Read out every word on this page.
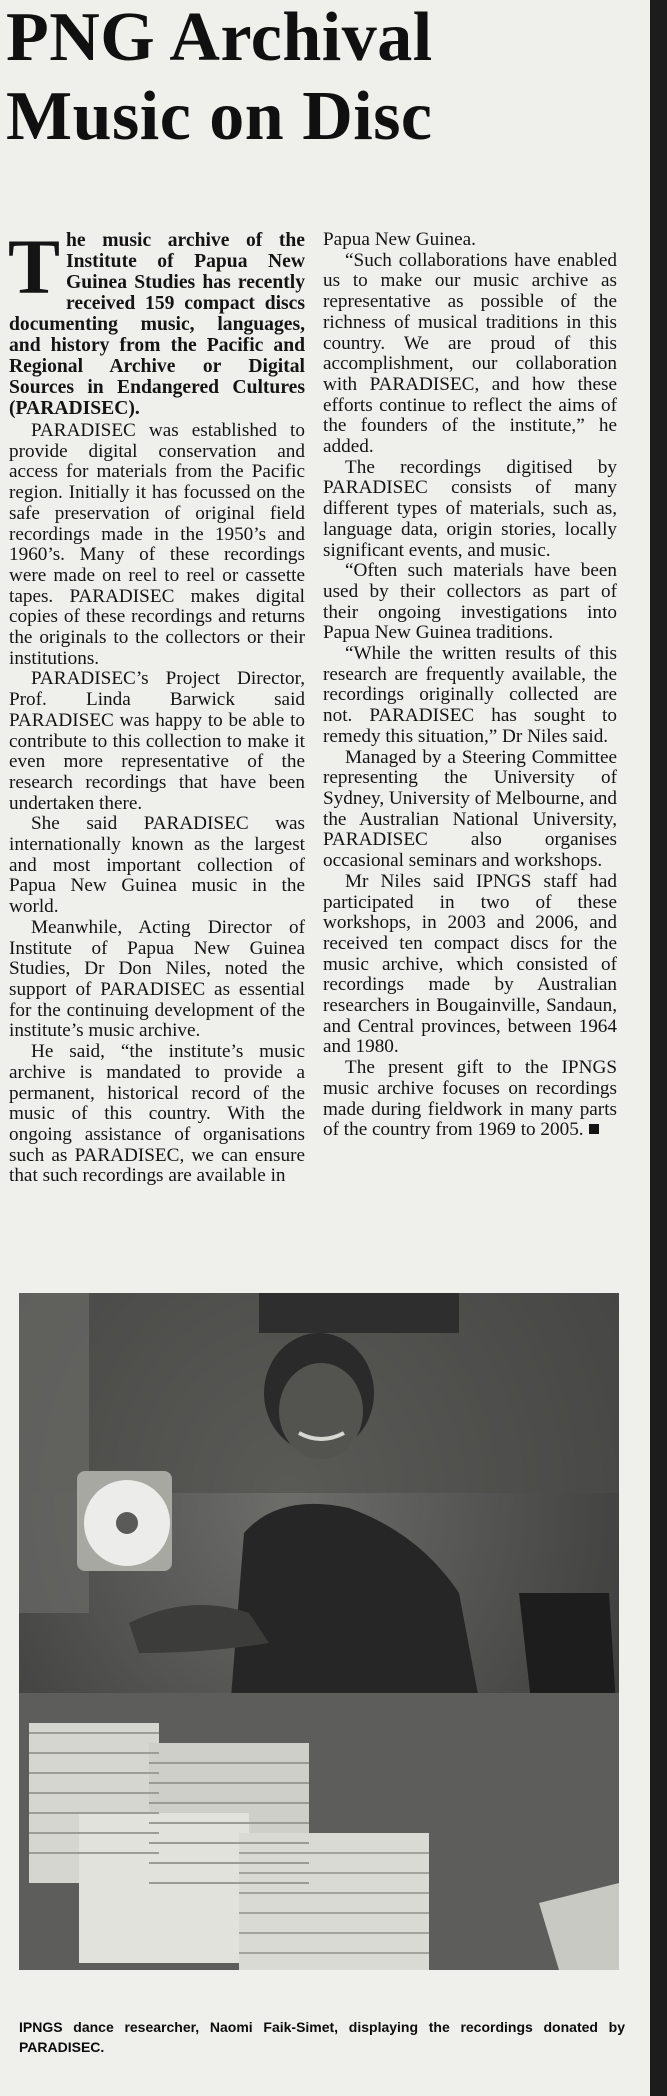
PNG Archival
Music on Disc

The music archive of the Institute of Papua New Guinea Studies has recently received 159 compact discs documenting music, languages, and history from the Pacific and Regional Archive or Digital Sources in Endangered Cultures (PARADISEC).

PARADISEC was established to provide digital conservation and access for materials from the Pacific region. Initially it has focussed on the safe preservation of original field recordings made in the 1950’s and 1960’s. Many of these recordings were made on reel to reel or cassette tapes. PARADISEC makes digital copies of these recordings and returns the originals to the collectors or their institutions.

PARADISEC’s Project Director, Prof. Linda Barwick said PARADISEC was happy to be able to contribute to this collection to make it even more representative of the research recordings that have been undertaken there.

She said PARADISEC was internationally known as the largest and most important collection of Papua New Guinea music in the world.

Meanwhile, Acting Director of Institute of Papua New Guinea Studies, Dr Don Niles, noted the support of PARADISEC as essential for the continuing development of the institute’s music archive.

He said, “the institute’s music archive is mandated to provide a permanent, historical record of the music of this country. With the ongoing assistance of organisations such as PARADISEC, we can ensure that such recordings are available in

Papua New Guinea.

“Such collaborations have enabled us to make our music archive as representative as possible of the richness of musical traditions in this country. We are proud of this accomplishment, our collaboration with PARADISEC, and how these efforts continue to reflect the aims of the founders of the institute,” he added.

The recordings digitised by PARADISEC consists of many different types of materials, such as, language data, origin stories, locally significant events, and music.

“Often such materials have been used by their collectors as part of their ongoing investigations into Papua New Guinea traditions.

“While the written results of this research are frequently available, the recordings originally collected are not. PARADISEC has sought to remedy this situation,” Dr Niles said.

Managed by a Steering Committee representing the University of Sydney, University of Melbourne, and the Australian National University, PARADISEC also organises occasional seminars and workshops.

Mr Niles said IPNGS staff had participated in two of these workshops, in 2003 and 2006, and received ten compact discs for the music archive, which consisted of recordings made by Australian researchers in Bougainville, Sandaun, and Central provinces, between 1964 and 1980.

The present gift to the IPNGS music archive focuses on recordings made during fieldwork in many parts of the country from 1969 to 2005.

IPNGS dance researcher, Naomi Faik-Simet, displaying the recordings donated by PARADISEC.
